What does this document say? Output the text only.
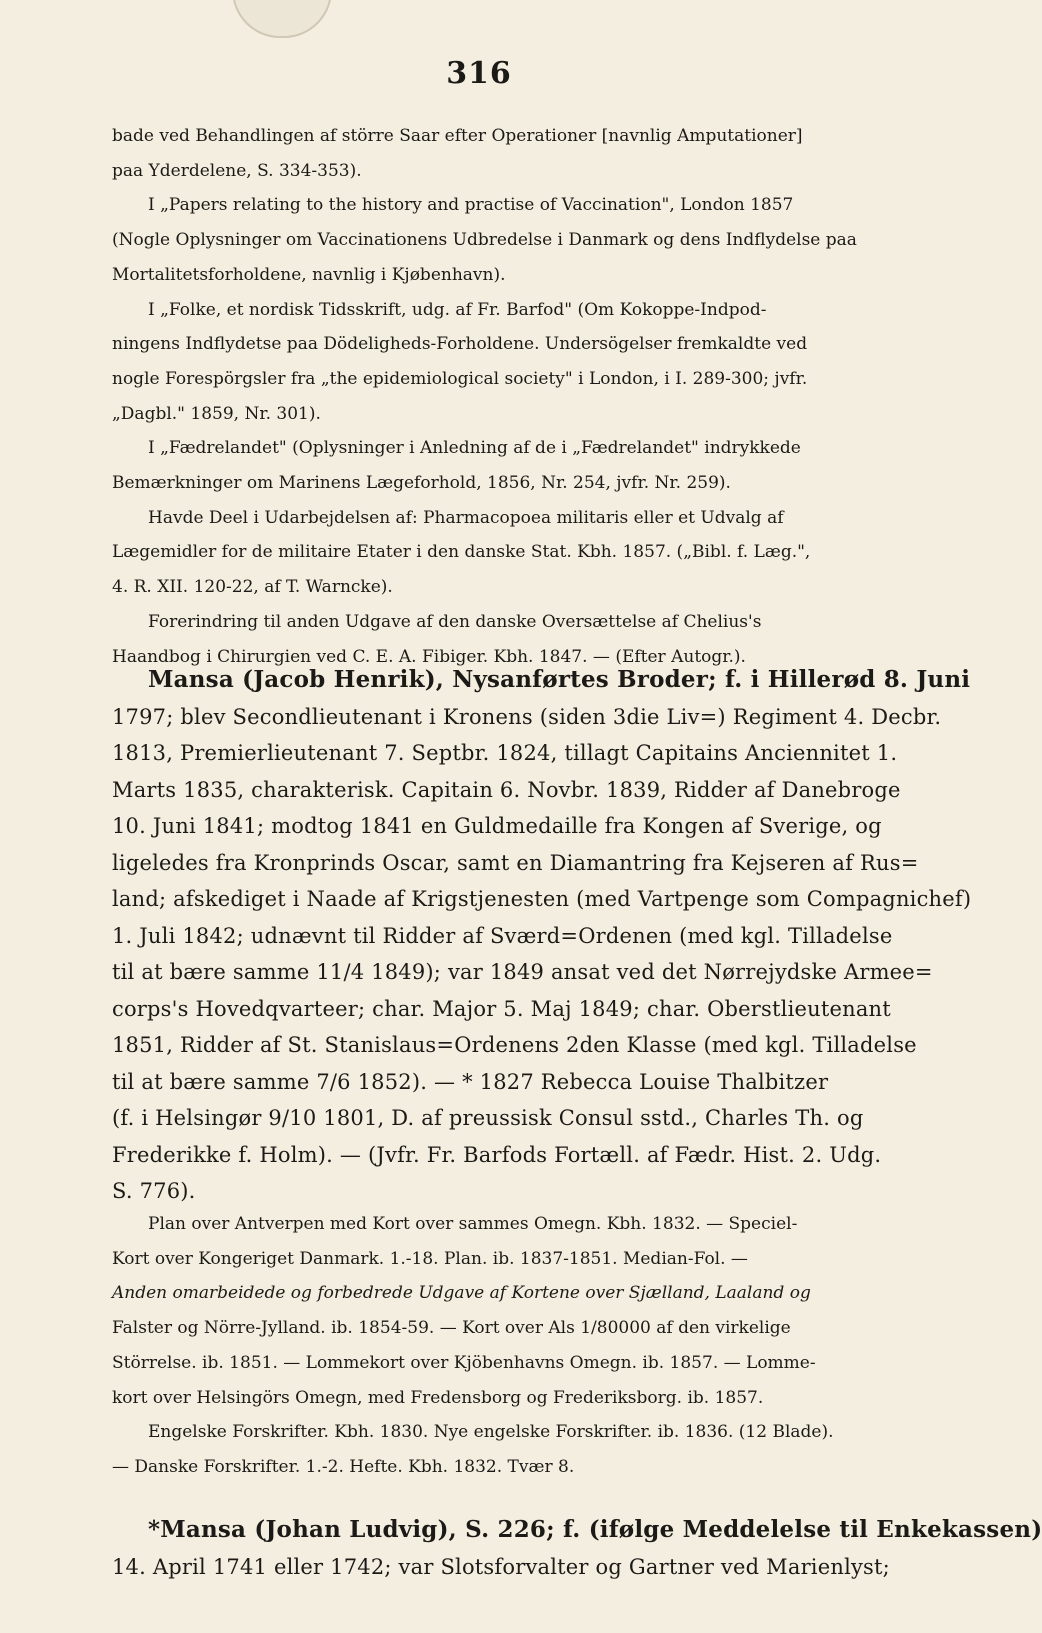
316
bade ved Behandlingen af större Saar efter Operationer [navnlig Amputationer]
paa Yderdelene, S. 334-353).
I „Papers relating to the history and practise of Vaccination", London 1857
(Nogle Oplysninger om Vaccinationens Udbredelse i Danmark og dens Indflydelse paa
Mortalitetsforholdene, navnlig i Kjøbenhavn).
I „Folke, et nordisk Tidsskrift, udg. af Fr. Barfod" (Om Kokoppe-Indpod-
ningens Indflydetse paa Dödeligheds-Forholdene. Undersögelser fremkaldte ved
nogle Forespörgsler fra „the epidemiological society" i London, i I. 289-300; jvfr.
„Dagbl." 1859, Nr. 301).
I „Fædrelandet" (Oplysninger i Anledning af de i „Fædrelandet" indrykkede
Bemærkninger om Marinens Lægeforhold, 1856, Nr. 254, jvfr. Nr. 259).
Havde Deel i Udarbejdelsen af: Pharmacopoea militaris eller et Udvalg af
Lægemidler for de militaire Etater i den danske Stat. Kbh. 1857. („Bibl. f. Læg.",
4. R. XII. 120-22, af T. Warncke).
Forerindring til anden Udgave af den danske Oversættelse af Chelius's
Haandbog i Chirurgien ved C. E. A. Fibiger. Kbh. 1847. — (Efter Autogr.).
Mansa (Jacob Henrik), Nysanførtes Broder; f. i Hillerød 8. Juni
1797; blev Secondlieutenant i Kronens (siden 3die Liv=) Regiment 4. Decbr.
1813, Premierlieutenant 7. Septbr. 1824, tillagt Capitains Anciennitet 1.
Marts 1835, charakterisk. Capitain 6. Novbr. 1839, Ridder af Danebroge
10. Juni 1841; modtog 1841 en Guldmedaille fra Kongen af Sverige, og
ligeledes fra Kronprinds Oscar, samt en Diamantring fra Kejseren af Rus=
land; afskediget i Naade af Krigstjenesten (med Vartpenge som Compagnichef)
1. Juli 1842; udnævnt til Ridder af Sværd=Ordenen (med kgl. Tilladelse
til at bære samme 11/4 1849); var 1849 ansat ved det Nørrejydske Armee=
corps's Hovedqvarteer; char. Major 5. Maj 1849; char. Oberstlieutenant
1851, Ridder af St. Stanislaus=Ordenens 2den Klasse (med kgl. Tilladelse
til at bære samme 7/6 1852). — * 1827 Rebecca Louise Thalbitzer
(f. i Helsingør 9/10 1801, D. af preussisk Consul sstd., Charles Th. og
Frederikke f. Holm). — (Jvfr. Fr. Barfods Fortæll. af Fædr. Hist. 2. Udg.
S. 776).
Plan over Antverpen med Kort over sammes Omegn. Kbh. 1832. — Speciel-
Kort over Kongeriget Danmark. 1.-18. Plan. ib. 1837-1851. Median-Fol. —
Anden omarbeidede og forbedrede Udgave af Kortene over Sjælland, Laaland og
Falster og Nörre-Jylland. ib. 1854-59. — Kort over Als 1/80000 af den virkelige
Störrelse. ib. 1851. — Lommekort over Kjöbenhavns Omegn. ib. 1857. — Lomme-
kort over Helsingörs Omegn, med Fredensborg og Frederiksborg. ib. 1857.
Engelske Forskrifter. Kbh. 1830. Nye engelske Forskrifter. ib. 1836. (12 Blade).
— Danske Forskrifter. 1.-2. Hefte. Kbh. 1832. Tvær 8.
*Mansa (Johan Ludvig), S. 226; f. (ifølge Meddelelse til Enkekassen)
14. April 1741 eller 1742; var Slotsforvalter og Gartner ved Marienlyst;
